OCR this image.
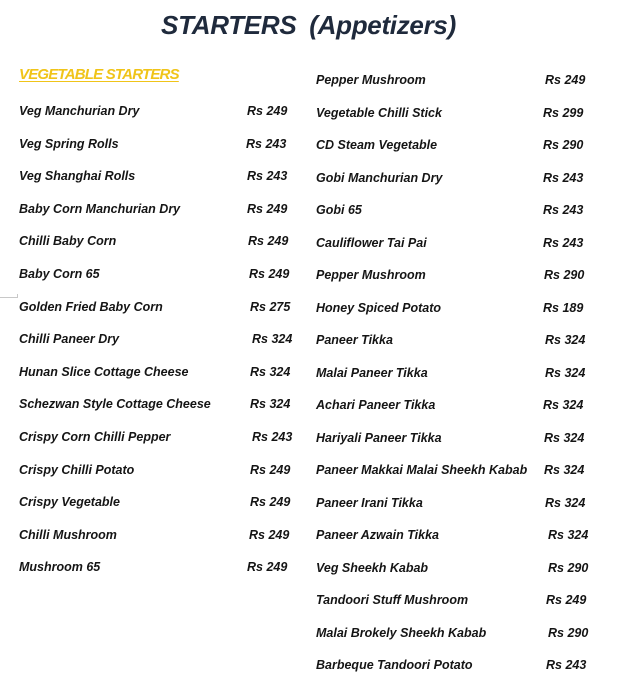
STARTERS (Appetizers)
VEGETABLE STARTERS
Veg Manchurian Dry	Rs 249
Veg Spring Rolls	Rs 243
Veg Shanghai Rolls	Rs 243
Baby Corn Manchurian Dry	Rs 249
Chilli Baby Corn	Rs 249
Baby Corn 65	Rs 249
Golden Fried Baby Corn	Rs 275
Chilli Paneer Dry	Rs 324
Hunan Slice Cottage Cheese	Rs 324
Schezwan Style Cottage Cheese	Rs 324
Crispy Corn Chilli Pepper	Rs 243
Crispy Chilli Potato	Rs 249
Crispy Vegetable	Rs 249
Chilli Mushroom	Rs 249
Mushroom 65	Rs 249
Pepper Mushroom	Rs 249
Vegetable Chilli Stick	Rs 299
CD Steam Vegetable	Rs 290
Gobi Manchurian Dry	Rs 243
Gobi 65	Rs 243
Cauliflower Tai Pai	Rs 243
Pepper Mushroom	Rs 290
Honey Spiced Potato	Rs 189
Paneer Tikka	Rs 324
Malai Paneer Tikka	Rs 324
Achari Paneer Tikka	Rs 324
Hariyali Paneer Tikka	Rs 324
Paneer Makkai Malai Sheekh Kabab Rs 324
Paneer Irani Tikka	Rs 324
Paneer Azwain Tikka	Rs 324
Veg Sheekh Kabab	Rs 290
Tandoori Stuff Mushroom	Rs 249
Malai Brokely Sheekh Kabab	Rs 290
Barbeque Tandoori Potato	Rs 243
